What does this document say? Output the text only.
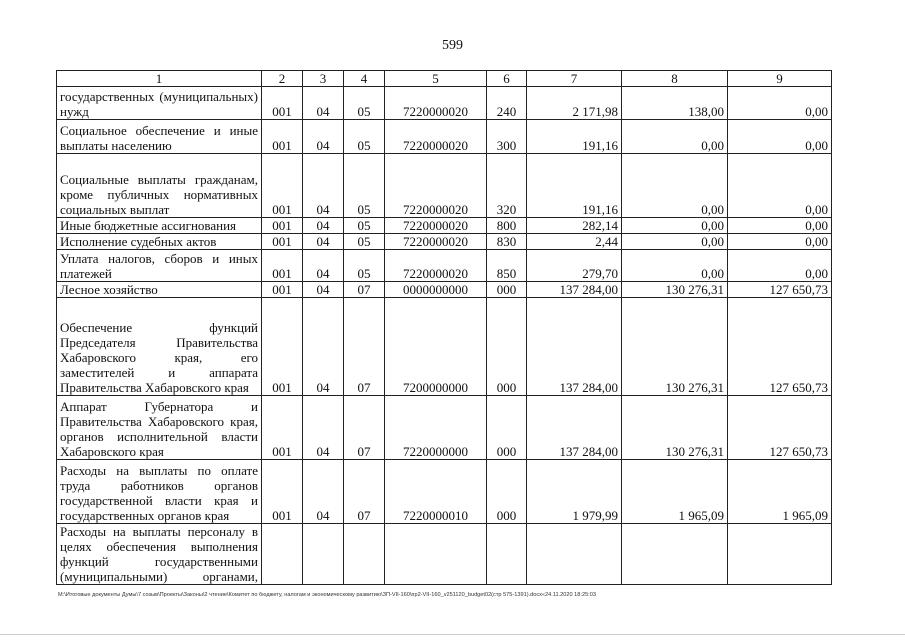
599
1	2	3	4	5	6	7	8	9
государственных (муниципальных) нужд	001	04	05	7220000020	240	2 171,98	138,00	0,00
Социальное обеспечение и иные выплаты населению	001	04	05	7220000020	300	191,16	0,00	0,00
Социальные выплаты гражданам, кроме публичных нормативных социальных выплат	001	04	05	7220000020	320	191,16	0,00	0,00
Иные бюджетные ассигнования	001	04	05	7220000020	800	282,14	0,00	0,00
Исполнение судебных актов	001	04	05	7220000020	830	2,44	0,00	0,00
Уплата налогов, сборов и иных платежей	001	04	05	7220000020	850	279,70	0,00	0,00
Лесное хозяйство	001	04	07	0000000000	000	137 284,00	130 276,31	127 650,73
Обеспечение функций Председателя Правительства Хабаровского края, его заместителей и аппарата Правительства Хабаровского края	001	04	07	7200000000	000	137 284,00	130 276,31	127 650,73
Аппарат Губернатора и Правительства Хабаровского края, органов исполнительной власти Хабаровского края	001	04	07	7220000000	000	137 284,00	130 276,31	127 650,73
Расходы на выплаты по оплате труда работников органов государственной власти края и государственных органов края	001	04	07	7220000010	000	1 979,99	1 965,09	1 965,09
Расходы на выплаты персоналу в целях обеспечения выполнения функций государственными (муниципальными) органами,								
M:\Итоговые документы Думы\7 созыв\Проекты\Законы\2 чтение\Комитет по бюджету, налогам и экономическому развитию\ЗП-VII-160\пр2-VII-160_v251120_budget02(стр 575-1391).docx«24.11.2020 18:25:03
